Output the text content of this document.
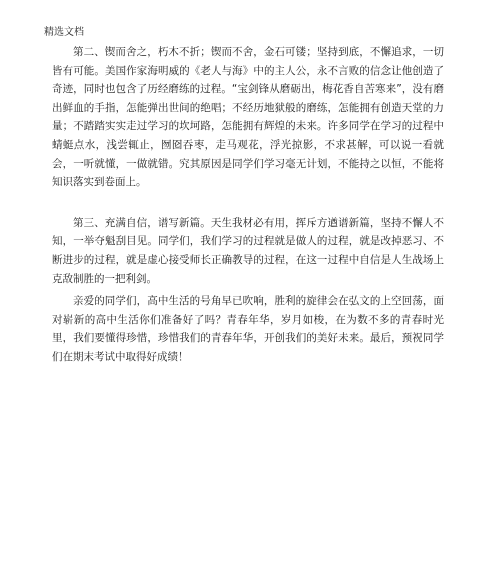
精选文档

第二、锲而舍之，朽木不折；锲而不舍，金石可镂；坚持到底，不懈追求，一切皆有可能。美国作家海明威的《老人与海》中的主人公，永不言败的信念让他创造了奇迹，同时也包含了历经磨练的过程。“宝剑锋从磨砺出，梅花香自苦寒来”，没有磨出鲜血的手指，怎能弹出世间的绝唱；不经历地狱般的磨练，怎能拥有创造天堂的力量；不踏踏实实走过学习的坎坷路，怎能拥有辉煌的未来。许多同学在学习的过程中蜻蜓点水，浅尝辄止，囫囵吞枣，走马观花，浮光掠影，不求甚解，可以说一看就会，一听就懂，一做就错。究其原因是同学们学习毫无计划，不能持之以恒，不能将知识落实到卷面上。

第三、充满自信，谱写新篇。天生我材必有用，挥斥方遒谱新篇，坚持不懈人不知，一举夺魁刮目见。同学们，我们学习的过程就是做人的过程，就是改掉恶习、不断进步的过程，就是虚心接受师长正确教导的过程，在这一过程中自信是人生战场上克敌制胜的一把利剑。

亲爱的同学们，高中生活的号角早已吹响，胜利的旋律会在弘文的上空回荡，面对崭新的高中生活你们准备好了吗？青春年华，岁月如梭，在为数不多的青春时光里，我们要懂得珍惜，珍惜我们的青春年华，开创我们的美好未来。最后，预祝同学们在期末考试中取得好成绩！
